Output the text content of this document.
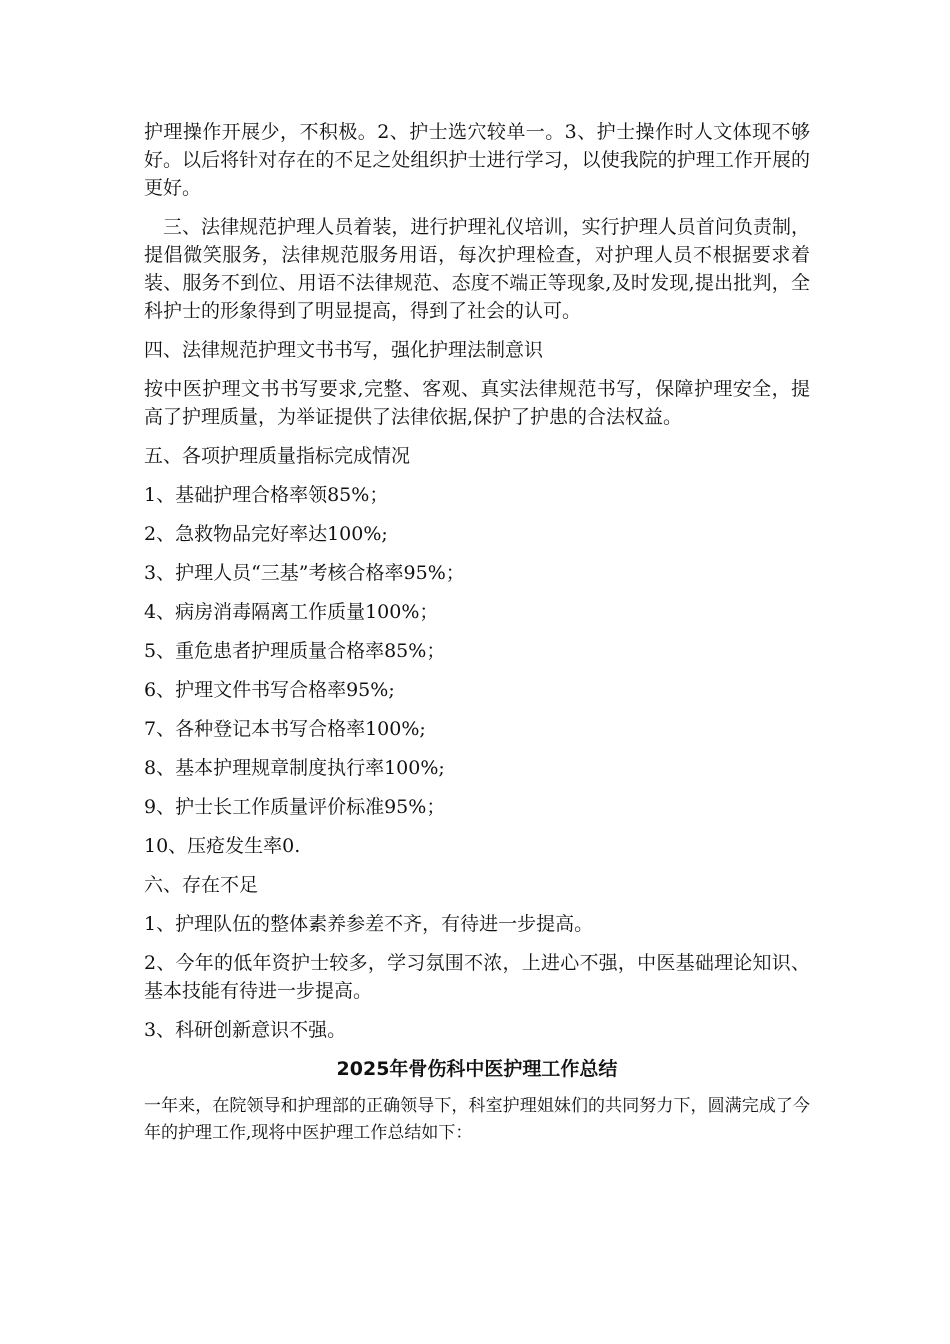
护理操作开展少，不积极。2、护士选穴较单一。3、护士操作时人文体现不够好。以后将针对存在的不足之处组织护士进行学习，以使我院的护理工作开展的更好。

三、法律规范护理人员着装，进行护理礼仪培训，实行护理人员首问负责制，提倡微笑服务，法律规范服务用语，每次护理检查，对护理人员不根据要求着装、服务不到位、用语不法律规范、态度不端正等现象,及时发现,提出批判，全科护士的形象得到了明显提高，得到了社会的认可。

四、法律规范护理文书书写，强化护理法制意识

按中医护理文书书写要求,完整、客观、真实法律规范书写，保障护理安全，提高了护理质量，为举证提供了法律依据,保护了护患的合法权益。

五、各项护理质量指标完成情况

1、基础护理合格率领85%；

2、急救物品完好率达100%;

3、护理人员“三基”考核合格率95%；

4、病房消毒隔离工作质量100%；

5、重危患者护理质量合格率85%；

6、护理文件书写合格率95%;

7、各种登记本书写合格率100%;

8、基本护理规章制度执行率100%;

9、护士长工作质量评价标准95%；

10、压疮发生率0.

六、存在不足

1、护理队伍的整体素养参差不齐，有待进一步提高。

2、今年的低年资护士较多，学习氛围不浓，上进心不强，中医基础理论知识、基本技能有待进一步提高。

3、科研创新意识不强。

2025年骨伤科中医护理工作总结

一年来，在院领导和护理部的正确领导下，科室护理姐妹们的共同努力下，圆满完成了今年的护理工作,现将中医护理工作总结如下：
